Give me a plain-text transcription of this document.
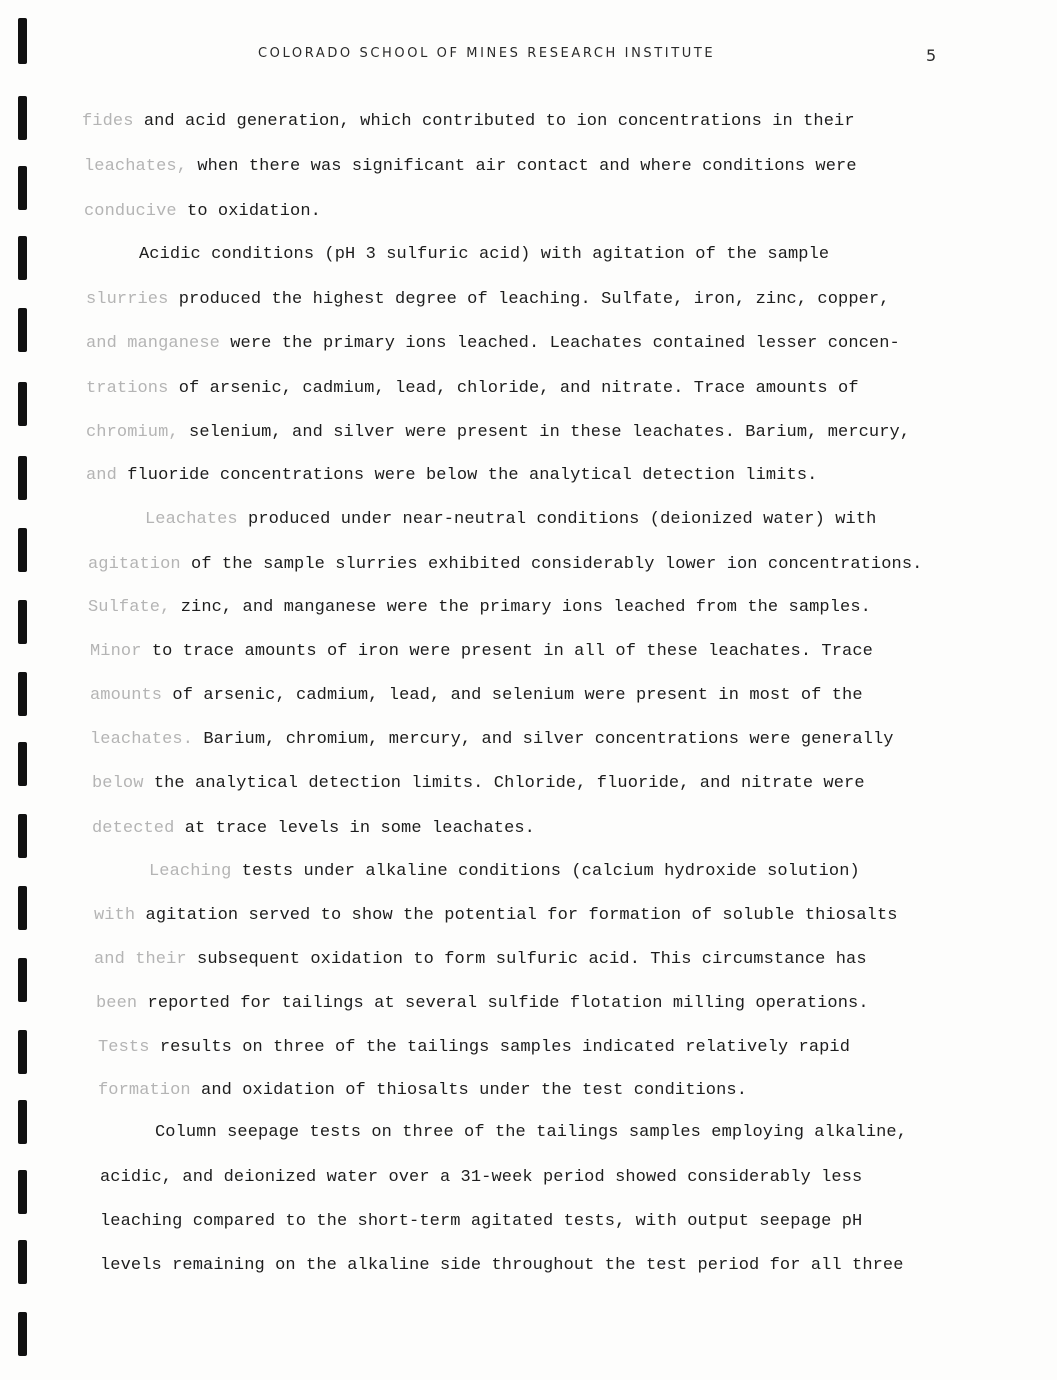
COLORADO SCHOOL OF MINES RESEARCH INSTITUTE	5
fides and acid generation, which contributed to ion concentrations in their
leachates, when there was significant air contact and where conditions were
conducive to oxidation.
Acidic conditions (pH 3 sulfuric acid) with agitation of the sample
slurries produced the highest degree of leaching. Sulfate, iron, zinc, copper,
and manganese were the primary ions leached. Leachates contained lesser concen-
trations of arsenic, cadmium, lead, chloride, and nitrate. Trace amounts of
chromium, selenium, and silver were present in these leachates. Barium, mercury,
and fluoride concentrations were below the analytical detection limits.
Leachates produced under near-neutral conditions (deionized water) with
agitation of the sample slurries exhibited considerably lower ion concentrations.
Sulfate, zinc, and manganese were the primary ions leached from the samples.
Minor to trace amounts of iron were present in all of these leachates. Trace
amounts of arsenic, cadmium, lead, and selenium were present in most of the
leachates. Barium, chromium, mercury, and silver concentrations were generally
below the analytical detection limits. Chloride, fluoride, and nitrate were
detected at trace levels in some leachates.
Leaching tests under alkaline conditions (calcium hydroxide solution)
with agitation served to show the potential for formation of soluble thiosalts
and their subsequent oxidation to form sulfuric acid. This circumstance has
been reported for tailings at several sulfide flotation milling operations.
Tests results on three of the tailings samples indicated relatively rapid
formation and oxidation of thiosalts under the test conditions.
Column seepage tests on three of the tailings samples employing alkaline,
acidic, and deionized water over a 31-week period showed considerably less
leaching compared to the short-term agitated tests, with output seepage pH
levels remaining on the alkaline side throughout the test period for all three
